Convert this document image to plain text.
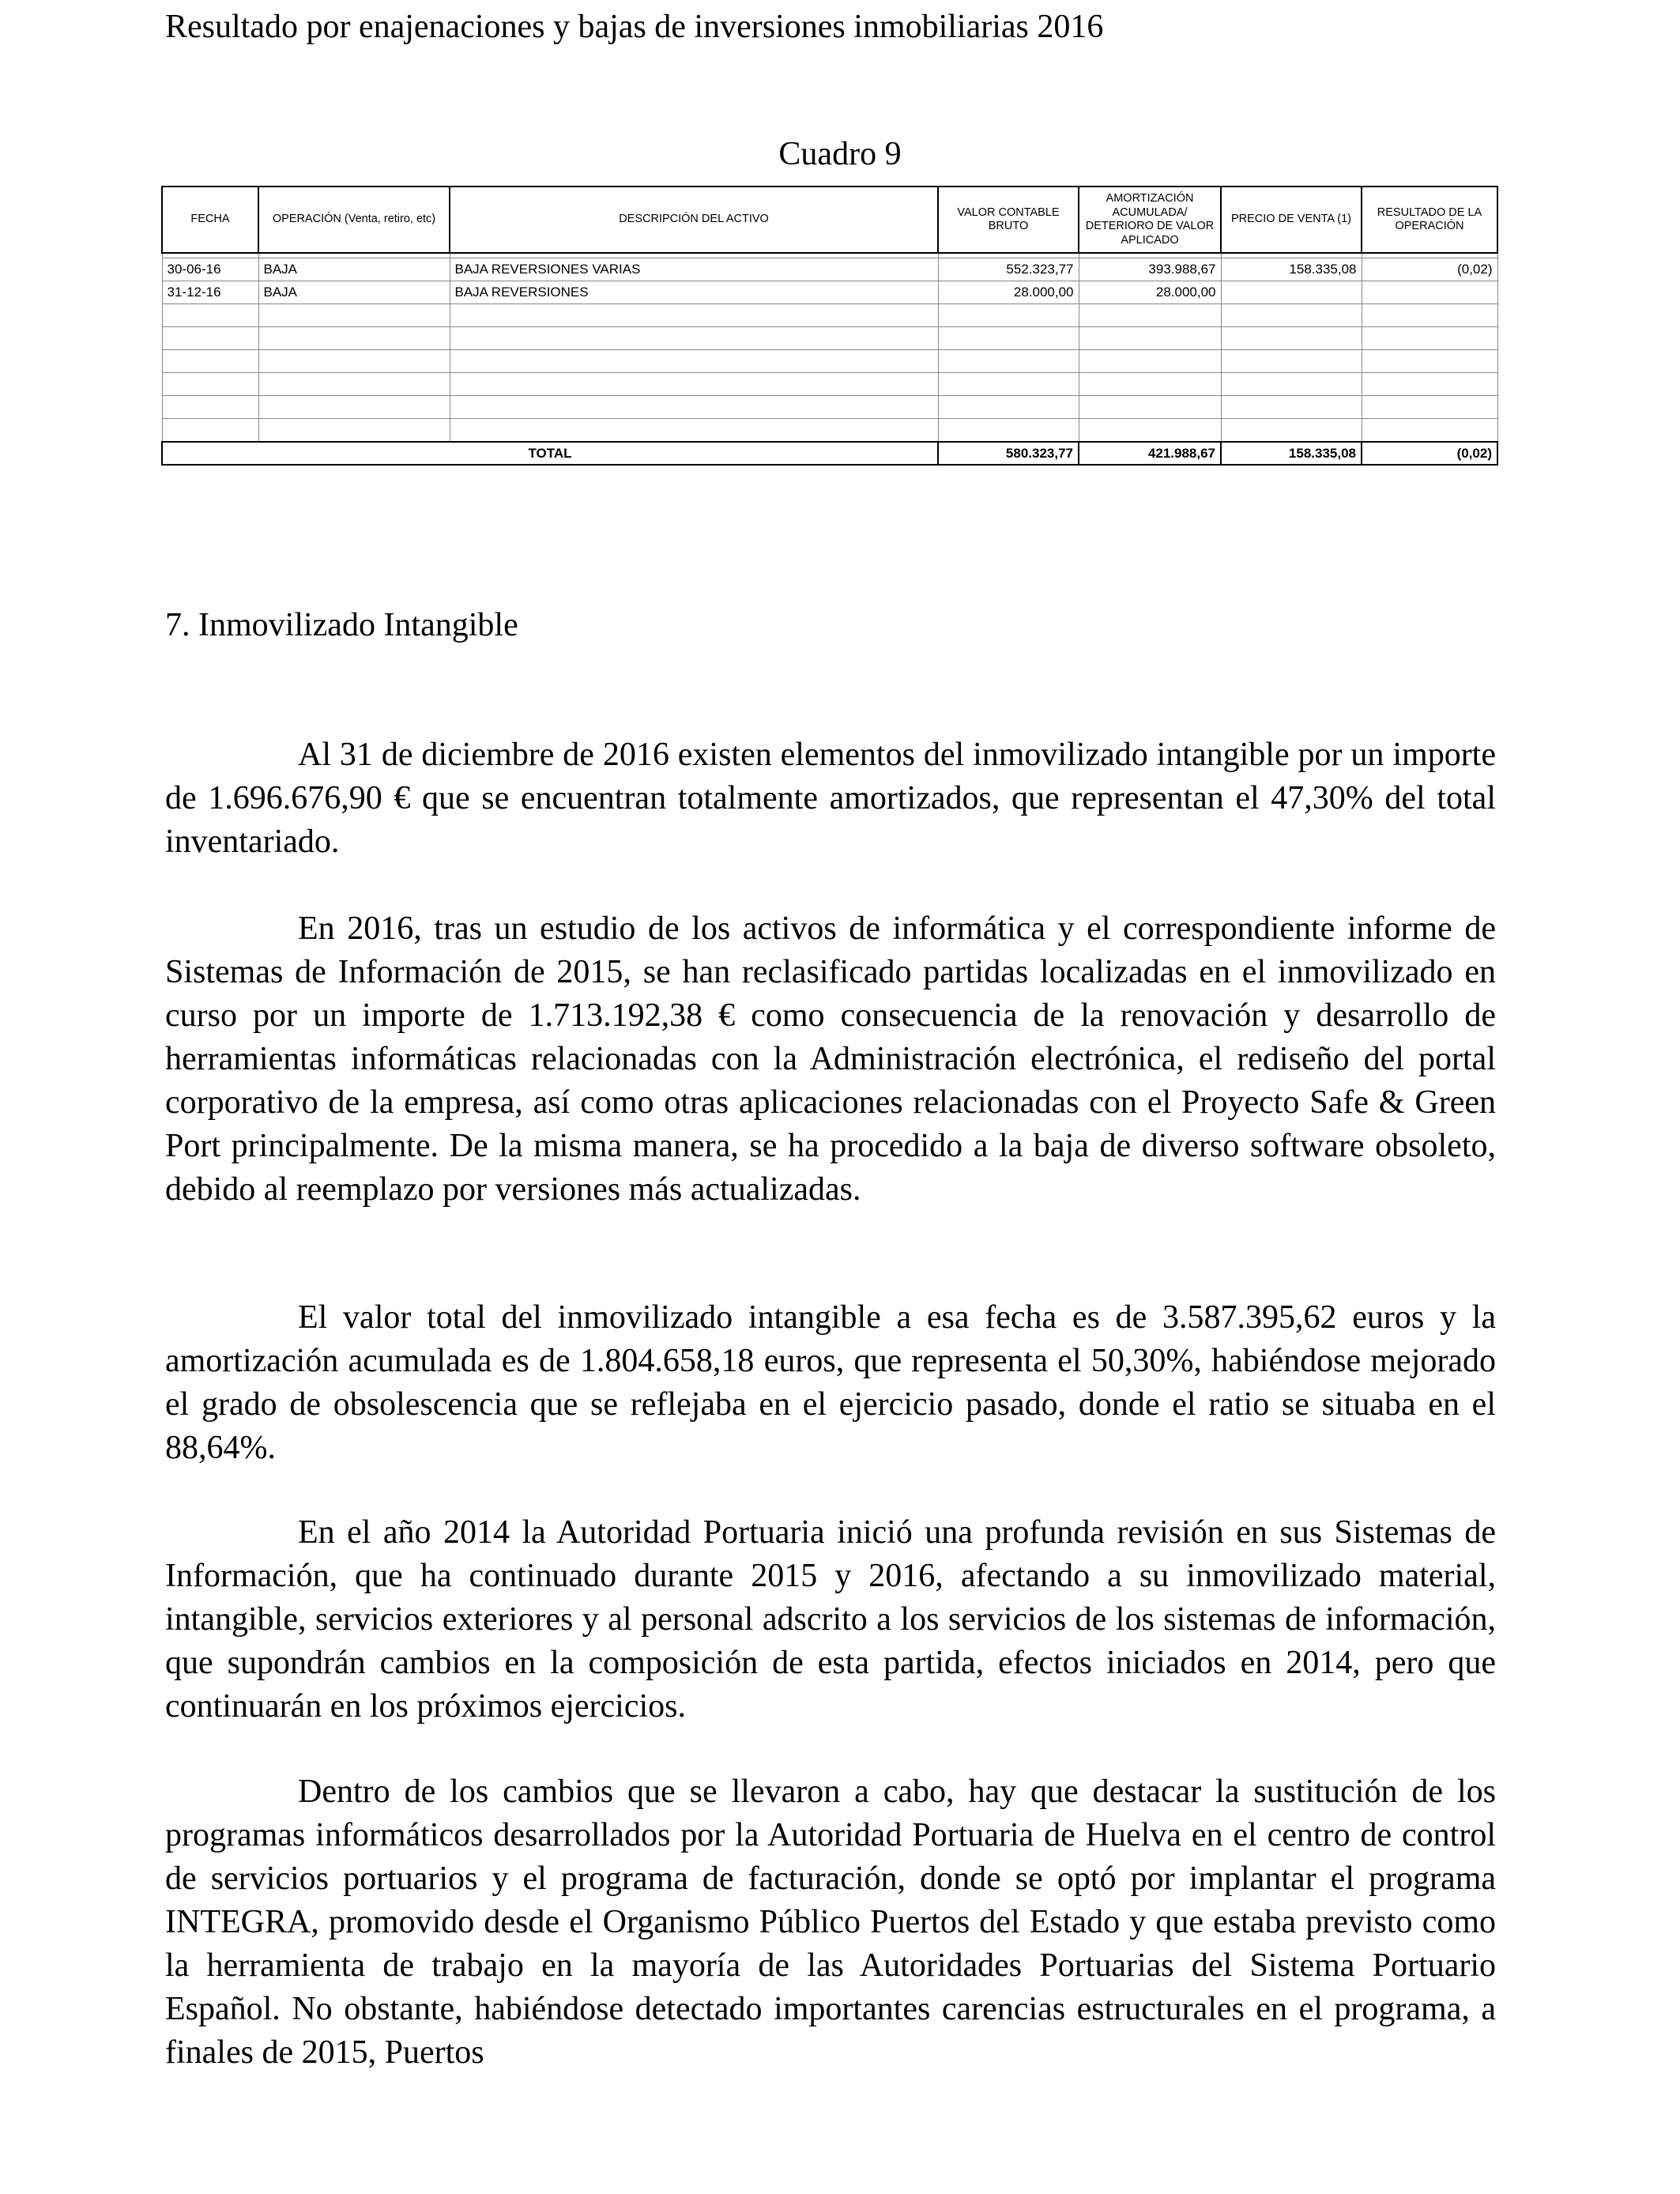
Resultado por enajenaciones y bajas de inversiones inmobiliarias 2016
Cuadro 9
FECHA	OPERACIÓN (Venta, retiro, etc)	DESCRIPCIÓN DEL ACTIVO	VALOR CONTABLE BRUTO	AMORTIZACIÓN ACUMULADA/ DETERIORO DE VALOR APLICADO	PRECIO DE VENTA (1)	RESULTADO DE LA OPERACIÓN

30-06-16	BAJA	BAJA REVERSIONES VARIAS	552.323,77	393.988,67	158.335,08	(0,02)
31-12-16	BAJA	BAJA REVERSIONES	28.000,00	28.000,00		

TOTAL			580.323,77	421.988,67	158.335,08	(0,02)
7. Inmovilizado Intangible

Al 31 de diciembre de 2016 existen elementos del inmovilizado intangible por un importe de 1.696.676,90 € que se encuentran totalmente amortizados, que representan el 47,30% del total inventariado.

En 2016, tras un estudio de los activos de informática y el correspondiente informe de Sistemas de Información de 2015, se han reclasificado partidas localizadas en el inmovilizado en curso por un importe de 1.713.192,38 € como consecuencia de la renovación y desarrollo de herramientas informáticas relacionadas con la Administración electrónica, el rediseño del portal corporativo de la empresa, así como otras aplicaciones relacionadas con el Proyecto Safe & Green Port principalmente. De la misma manera, se ha procedido a la baja de diverso software obsoleto, debido al reemplazo por versiones más actualizadas.

El valor total del inmovilizado intangible a esa fecha es de 3.587.395,62 euros y la amortización acumulada es de 1.804.658,18 euros, que representa el 50,30%, habiéndose mejorado el grado de obsolescencia que se reflejaba en el ejercicio pasado, donde el ratio se situaba en el 88,64%.

En el año 2014 la Autoridad Portuaria inició una profunda revisión en sus Sistemas de Información, que ha continuado durante 2015 y 2016, afectando a su inmovilizado material, intangible, servicios exteriores y al personal adscrito a los servicios de los sistemas de información, que supondrán cambios en la composición de esta partida, efectos iniciados en 2014, pero que continuarán en los próximos ejercicios.

Dentro de los cambios que se llevaron a cabo, hay que destacar la sustitución de los programas informáticos desarrollados por la Autoridad Portuaria de Huelva en el centro de control de servicios portuarios y el programa de facturación, donde se optó por implantar el programa INTEGRA, promovido desde el Organismo Público Puertos del Estado y que estaba previsto como la herramienta de trabajo en la mayoría de las Autoridades Portuarias del Sistema Portuario Español. No obstante, habiéndose detectado importantes carencias estructurales en el programa, a finales de 2015, Puertos
